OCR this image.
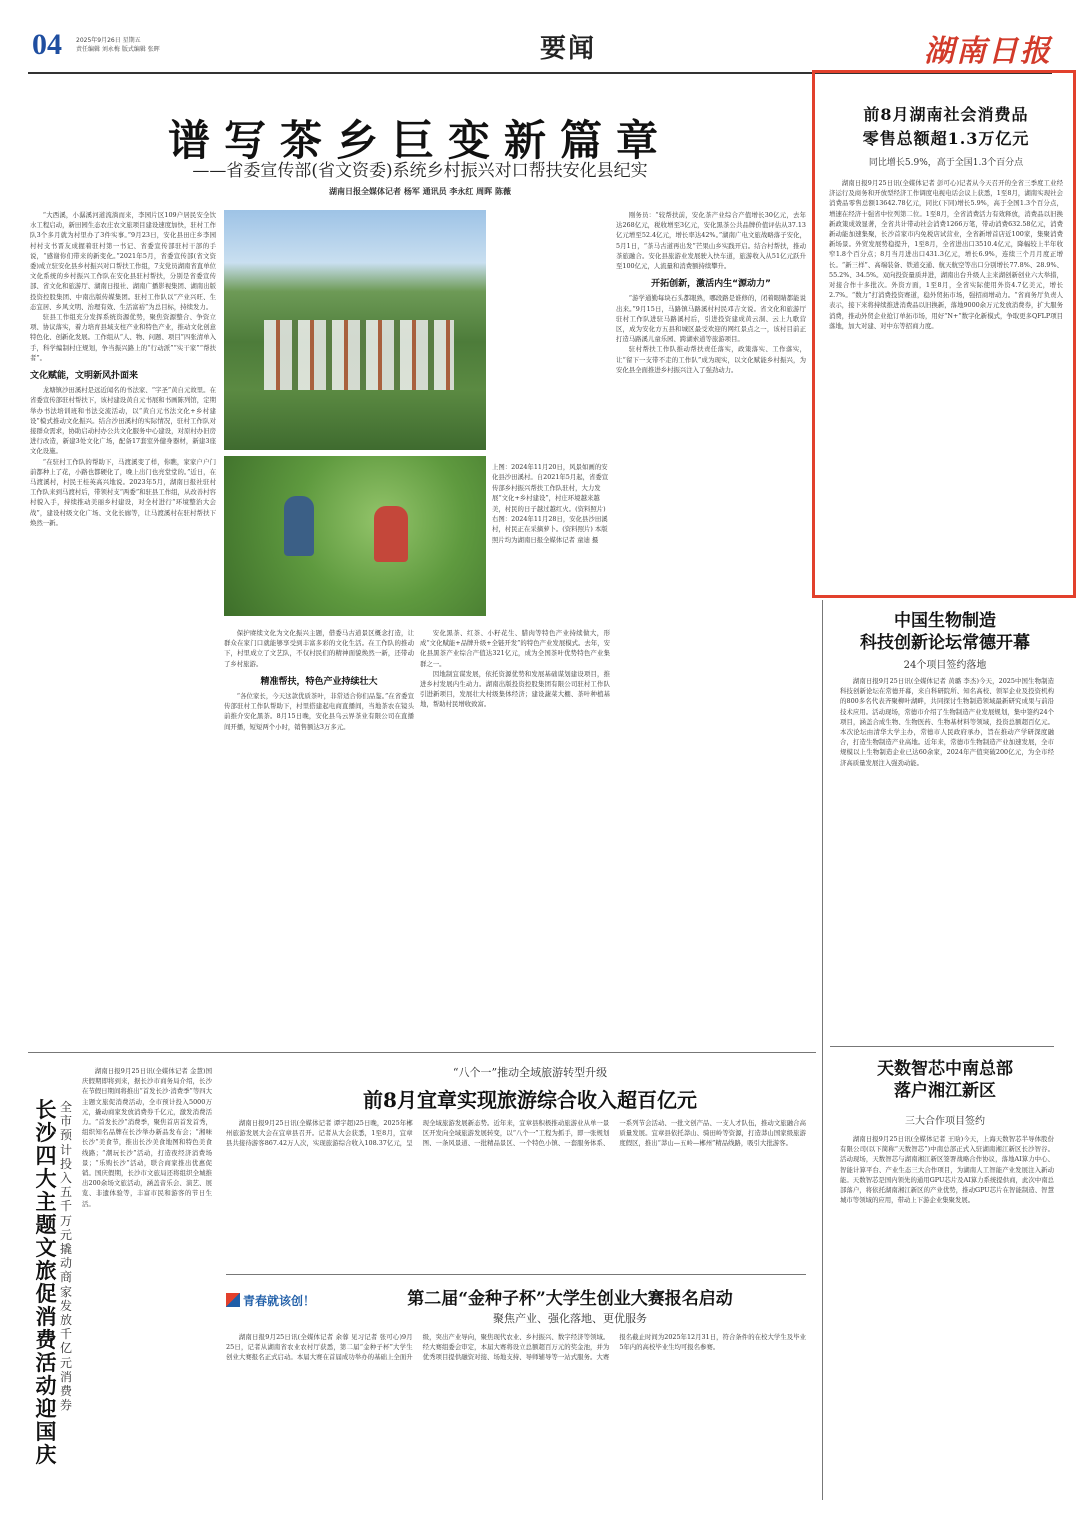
04 2025年9月26日 星期五
责任编辑 刘永梅 版式编辑 张晖	要闻	湖南日报
谱写茶乡巨变新篇章
——省委宣传部(省文资委)系统乡村振兴对口帮扶安化县纪实
湖南日报全媒体记者 杨军 通讯员 李永红 周晖 陈薇

“大西溪，小潺溪河道流淌而来，李园片区109户居民安全饮水工程启动，新田园生态农庄农文旅项目建设速度加快，驻村工作队3个多月就为村里办了3件实事。”9月23日，安化县田庄乡李园村村支书晋友成握着驻村第一书记、省委宣传部驻村干部的手说，“感谢你们带来的新变化。”2021年5月，省委宣传部(省文资委)成立驻安化县乡村振兴对口帮扶工作组，7支党员湖南省直单位文化系统的乡村振兴工作队在安化县驻村帮扶，分别是省委宣传部、省文化和旅游厅、湖南日报社、湖南广播影视集团、湖南出版投资控股集团、中南出版传媒集团。驻村工作队以“产业兴旺、生态宜居、乡风文明、治理有效、生活富裕”为总目标，持续发力。

驻县工作组充分发挥系统资源优势，聚焦资源整合、争资立项、协议落实，着力培育县域支柱产业和特色产业，推动文化创意特色化、创新化发展。工作组从“人、物、问题、项目”四张清单入手，科学编制村庄规划，争当振兴路上的“行动派”“实干家”“帮扶者”。

文化赋能，文明新风扑面来

龙塘镇沙田溪村是远近闻名的书法家、“字圣”黄自元故里。在省委宣传部驻村帮扶下，该村建设黄自元书展和书画陈列馆，定期举办书法培训班和书法交流活动，以“黄自元书法文化+乡村建设”模式推动文化振兴。结合沙田溪村的实际情况，驻村工作队对接群众需求，协助启动村办公共文化服务中心建设，对原村办旧房进行改造，新建3处文化广场，配备17套室外健身器材，新建3座文化设施。

“在驻村工作队的帮助下，马渡溪变了样，你瞧，家家户户门前都种上了花，小路也都硬化了，晚上出门也亮堂堂的。”近日，在马渡溪村，村民王桂英高兴地说。2023年5月，湖南日报社驻村工作队来到马渡村后，带领村支“两委”和驻县工作组，从改善村容村貌入手，持续推动美丽乡村建设，对全村进行“环境整治大会战”，建设村级文化广场、文化长廊等，让马渡溪村在驻村帮扶下焕然一新。

上图：2024年11月20日，风景如画的安化县沙田溪村。自2021年5月起，省委宣传部乡村振兴帮扶工作队驻村，大力发展“文化+乡村建设”，村庄环境越来越美，村民的日子越过越红火。(资料照片) 右图：2024年11月28日，安化县沙田溪村，村民正在采摘萝卜。(资料照片) 本版照片均为湖南日报全媒体记者 童迪 摄

保护赓续文化为文化振兴主题，借委马古道景区概念打造，让群众在家门口就能够享受到丰富多彩的文化生活。在工作队的推动下，村里成立了文艺队，不仅村民们的精神面貌焕然一新，还带动了乡村旅游。

精准帮扶，特色产业持续壮大

“各位家长，今天这款优质茶叶，非常适合你们品鉴。”在省委宣传部驻村工作队帮助下，村里搭建起电商直播间，当地茶农在镜头前推介安化黑茶。8月15日晚，安化县乌云界茶业有限公司在直播间开播，短短两个小时，销售额达3万多元。

安化黑茶、红茶、小籽花生、腊肉等特色产业持续做大，形成“文化赋能+品牌升级+全链开发”的特色产业发展模式。去年，安化县黑茶产业综合产值达321亿元，成为全国茶叶优势特色产业集群之一。

因地制宜谋发展，依托资源优势和发展基础谋划建设项目，推进乡村发展内生动力。湖南出版投资控股集团有限公司驻村工作队引进新项目，发展壮大村级集体经济；建设蔬菜大棚、茶叶种植基地，帮助村民增收致富。

刚务员：“较帮扶前，安化茶产业综合产值增长30亿元，去年达268亿元，税收增至3亿元，安化黑茶公共品牌价值评估从37.13亿元增至52.4亿元，增长率达42%。”湖南广电文旅战略落子安化，5月1日，“茶马古道再出发”芒果山乡实践开启。结合村帮扶，推动茶旅融合。安化县旅游业发展驶入快车道，旅游收入从51亿元跃升至100亿元，人流量和消费额持续攀升。

开拓创新，激活内生“源动力”

“游学通勤每块石头都眼熟，哪段路是谁修的，闭着眼睛都能说出来。”9月15日，马路镇马路溪村村民邓吉文说。省文化和旅游厅驻村工作队进驻马路溪村后，引进投资建成黄云洞、云上九歌营区，成为安化方五县和城区最受欢迎的网红景点之一，该村目前正打造马路溪儿童乐园、跨湖索道等旅游项目。

驻村帮扶工作队推动帮扶责任落实，政策落实、工作落实，让“留下一支带不走的工作队”成为现实，以文化赋能乡村振兴，为安化县全面推进乡村振兴注入了强劲动力。

前8月湖南社会消费品
零售总额超1.3万亿元
同比增长5.9%，高于全国1.3个百分点

湖南日报9月25日讯(全媒体记者 彭可心)记者从今天召开的全省三季度工业经济运行及商务和开放型经济工作调度电视电话会议上获悉，1至8月，湖南实现社会消费品零售总额13642.78亿元，同比(下同)增长5.9%，高于全国1.3个百分点，增速在经济十强省中位列第二位。1至8月，全省消费活力有效释放，消费品以旧换新政策成效显著，全省共计带动社会消费1266万笔，带动消费632.58亿元，消费新动能加速集聚，长沙首家市内免税店试营业，全省新增首店近100家，集聚消费新场景。外贸发展势稳提升，1至8月，全省进出口3510.4亿元，降幅较上半年收窄1.8个百分点；8月当月进出口431.3亿元，增长6.9%，连续三个月月度正增长。“新三样”、高端装备、铁道交通、航天航空等出口分别增长77.8%、28.9%、55.2%、34.5%。双向投资量质并进，湖南出台升级人主来湖创新创业六大举措，对接合作十多批次。外资方面，1至8月，全省实际使用外资4.7亿美元，增长2.7%。“数力”打消费投资赛道，稳外贸拓市场，强招商增动力。“省商务厅负责人表示，接下来将持续推进消费品以旧换新，落地9000余万元发放消费券，扩大服务消费，推动外贸企业抢订单拓市场，用好“N+”数字化新模式，争取更多QFLP项目落地，加大对建、对中东等招商力度。

中国生物制造
科技创新论坛常德开幕
24个项目签约落地

湖南日报9月25日讯(全媒体记者 黄璐 李杰)今天，2025中国生物制造科技创新论坛在常德开幕，来自科研院所、知名高校、领军企业及投资机构的800多名代表齐聚柳叶湖畔，共同探讨生物制造领域最新研究成果与前沿技术应用。活动现场，常德市介绍了生物制造产业发展规划，集中签约24个项目，涵盖合成生物、生物医药、生物基材料等领域，投资总额超百亿元。本次论坛由清华大学主办，常德市人民政府承办，旨在推动产学研深度融合，打造生物制造产业高地。近年来，常德市生物制造产业加速发展，全市规模以上生物制造企业已达60余家，2024年产值突破200亿元，为全市经济高质量发展注入强劲动能。

天数智芯中南总部
落户湘江新区
三大合作项目签约

湖南日报9月25日讯(全媒体记者 王晗)今天，上海天数智芯半导体股份有限公司(以下简称“天数智芯”)中南总部正式入驻湖南湘江新区长沙智谷。活动现场，天数智芯与湖南湘江新区签署战略合作协议，落地AI算力中心、智能计算平台、产业生态三大合作项目，为湖南人工智能产业发展注入新动能。天数智芯是国内领先的通用GPU芯片及AI算力系统提供商，此次中南总部落户，将依托湖南湘江新区的产业优势，推动GPU芯片在智能制造、智慧城市等领域的应用，带动上下游企业集聚发展。

长沙四大主题文旅促消费活动迎国庆
全市预计投入五千万元撬动商家发放千亿元消费券

湖南日报9月25日讯(全媒体记者 金慧)国庆假期即将到来，据长沙市商务局介绍，长沙在节假日期间将推出“首发长沙·消费季”等四大主题文旅促消费活动，全市预计投入5000万元，撬动商家发放消费券千亿元，激发消费活力。“首发长沙”消费季，聚焦首店首发首秀，组织知名品牌在长沙举办新品发布会；“湘味长沙”美食节，推出长沙美食地图和特色美食线路；“潮玩长沙”活动，打造夜经济消费场景；“乐购长沙”活动，联合商家推出优惠促销。国庆假期，长沙市文旅局还将组织全城推出200余场文旅活动，涵盖音乐会、演艺、展览、非遗体验等，丰富市民和游客的节日生活。

“八个一”推动全域旅游转型升级
前8月宜章实现旅游综合收入超百亿元

湖南日报9月25日讯(全媒体记者 谭宇超)25日晚，2025年郴州旅游发展大会在宜章县召开。记者从大会获悉，1至8月，宜章县共接待游客867.42万人次，实现旅游综合收入108.37亿元，呈现全域旅游发展新态势。近年来，宜章县积极推动旅游业从单一景区开发向全域旅游发展转变，以“八个一”工程为抓手，即一张规划图、一条风景道、一批精品景区、一个特色小镇、一套服务体系、一系列节会活动、一批文创产品、一支人才队伍，推动文旅融合高质量发展。宜章县依托莽山、骑田岭等资源，打造莽山国家级旅游度假区，推出“莽山—五岭—郴州”精品线路，吸引大批游客。

青春就该创！	第二届“金种子杯”大学生创业大赛报名启动
聚焦产业、强化落地、更优服务

湖南日报9月25日讯(全媒体记者 余蓉 见习记者 张可心)9月25日，记者从湖南省农业农村厅获悉，第二届“金种子杯”大学生创业大赛报名正式启动。本届大赛在首届成功举办的基础上全面升级，突出产业导向，聚焦现代农业、乡村振兴、数字经济等领域。经大赛组委会审定，本届大赛将设立总额超百万元的奖金池，并为优秀项目提供融资对接、场地支持、导师辅导等一站式服务。大赛报名截止时间为2025年12月31日，符合条件的在校大学生及毕业5年内的高校毕业生均可报名参赛。
